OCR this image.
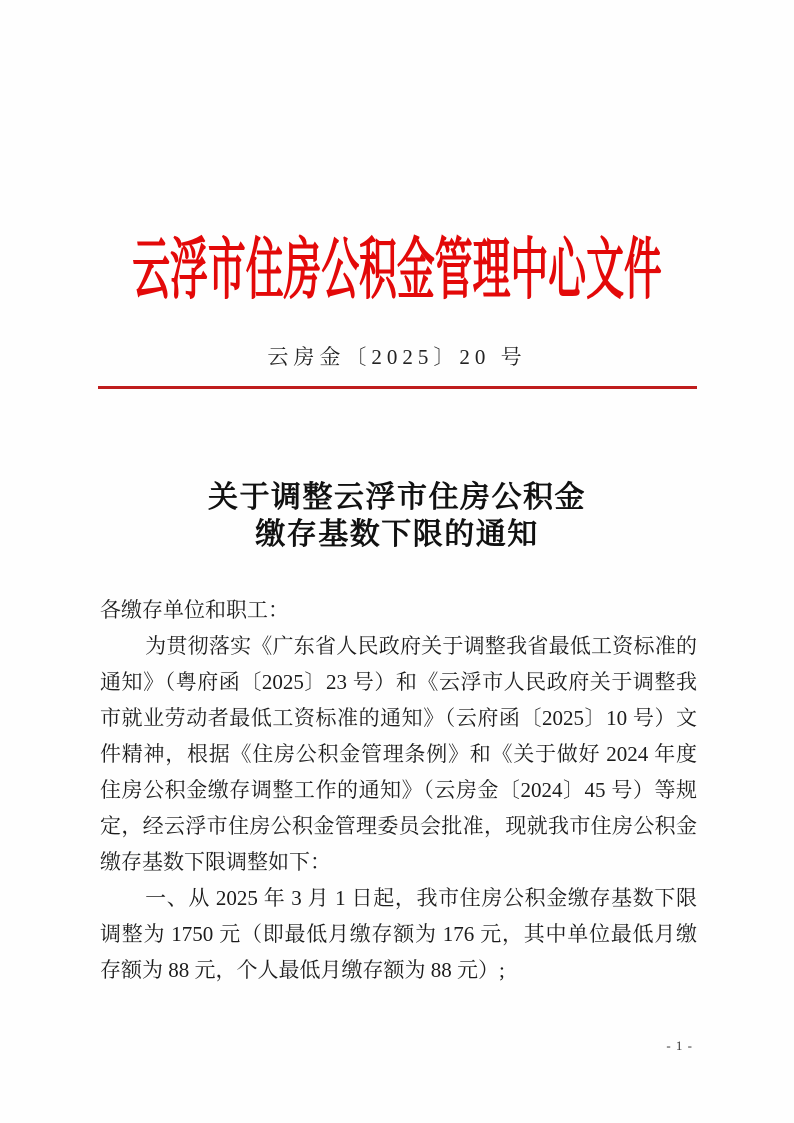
云浮市住房公积金管理中心文件
云房金〔2025〕20 号
关于调整云浮市住房公积金
缴存基数下限的通知
各缴存单位和职工：
为贯彻落实《广东省人民政府关于调整我省最低工资标准的
通知》（粤府函〔2025〕23 号）和《云浮市人民政府关于调整我
市就业劳动者最低工资标准的通知》（云府函〔2025〕10 号）文
件精神，根据《住房公积金管理条例》和《关于做好 2024 年度
住房公积金缴存调整工作的通知》（云房金〔2024〕45 号）等规
定，经云浮市住房公积金管理委员会批准，现就我市住房公积金
缴存基数下限调整如下：
一、从 2025 年 3 月 1 日起，我市住房公积金缴存基数下限
调整为 1750 元（即最低月缴存额为 176 元，其中单位最低月缴
存额为 88 元，个人最低月缴存额为 88 元）;
- 1 -
